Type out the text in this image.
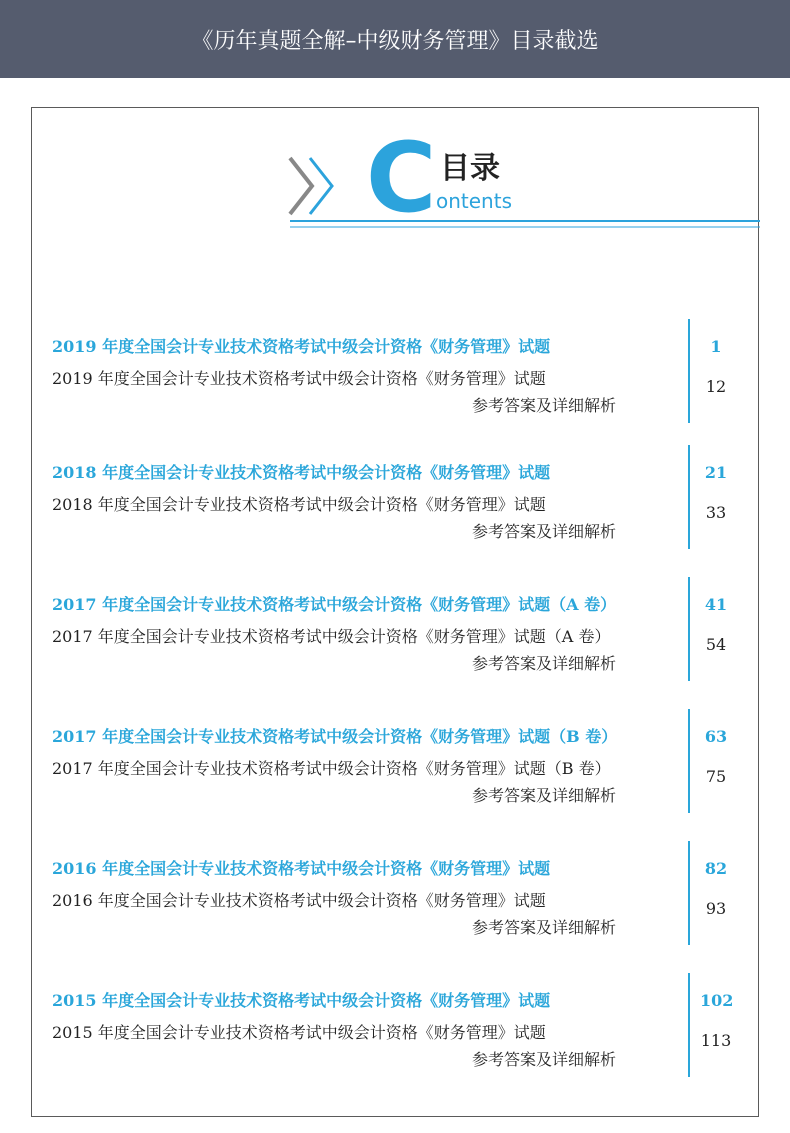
《历年真题全解–中级财务管理》目录截选
C 目录
ontents
2019 年度全国会计专业技术资格考试中级会计资格《财务管理》试题
2019 年度全国会计专业技术资格考试中级会计资格《财务管理》试题
参考答案及详细解析
1
12
2018 年度全国会计专业技术资格考试中级会计资格《财务管理》试题
2018 年度全国会计专业技术资格考试中级会计资格《财务管理》试题
参考答案及详细解析
21
33
2017 年度全国会计专业技术资格考试中级会计资格《财务管理》试题（A 卷）
2017 年度全国会计专业技术资格考试中级会计资格《财务管理》试题（A 卷）
参考答案及详细解析
41
54
2017 年度全国会计专业技术资格考试中级会计资格《财务管理》试题（B 卷）
2017 年度全国会计专业技术资格考试中级会计资格《财务管理》试题（B 卷）
参考答案及详细解析
63
75
2016 年度全国会计专业技术资格考试中级会计资格《财务管理》试题
2016 年度全国会计专业技术资格考试中级会计资格《财务管理》试题
参考答案及详细解析
82
93
2015 年度全国会计专业技术资格考试中级会计资格《财务管理》试题
2015 年度全国会计专业技术资格考试中级会计资格《财务管理》试题
参考答案及详细解析
102
113
